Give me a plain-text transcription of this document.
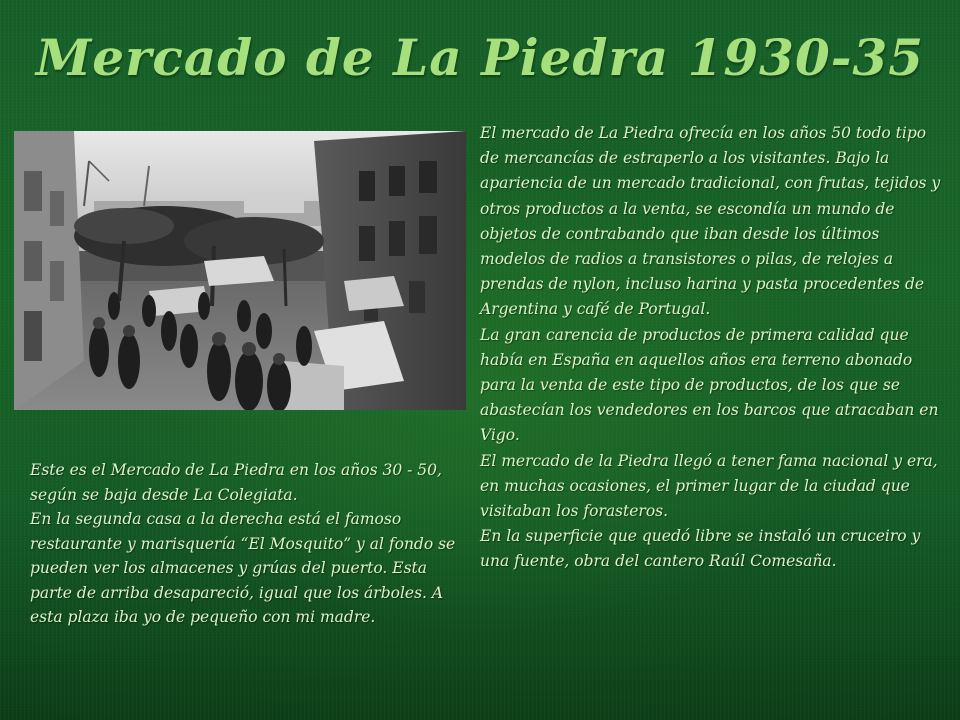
Mercado de La Piedra 1930-35

El mercado de La Piedra ofrecía en los años 50 todo tipo de mercancías de estraperlo a los visitantes. Bajo la apariencia de un mercado tradicional, con frutas, tejidos y otros productos a la venta, se escondía un mundo de objetos de contrabando que iban desde los últimos modelos de radios a transistores o pilas, de relojes a prendas de nylon, incluso harina y pasta procedentes de Argentina y café de Portugal.

La gran carencia de productos de primera calidad que había en España en aquellos años era terreno abonado para la venta de este tipo de productos, de los que se abastecían los vendedores en los barcos que atracaban en Vigo.

El mercado de la Piedra llegó a tener fama nacional y era, en muchas ocasiones, el primer lugar de la ciudad que visitaban los forasteros.

En la superficie que quedó libre se instaló un cruceiro y una fuente, obra del cantero Raúl Comesaña.

Este es el Mercado de La Piedra en los años 30 - 50, según se baja desde La Colegiata.

En la segunda casa a la derecha está el famoso restaurante y marisquería “El Mosquito” y al fondo se pueden ver los almacenes y grúas del puerto. Esta parte de arriba desapareció, igual que los árboles. A esta plaza iba yo de pequeño con mi madre.
